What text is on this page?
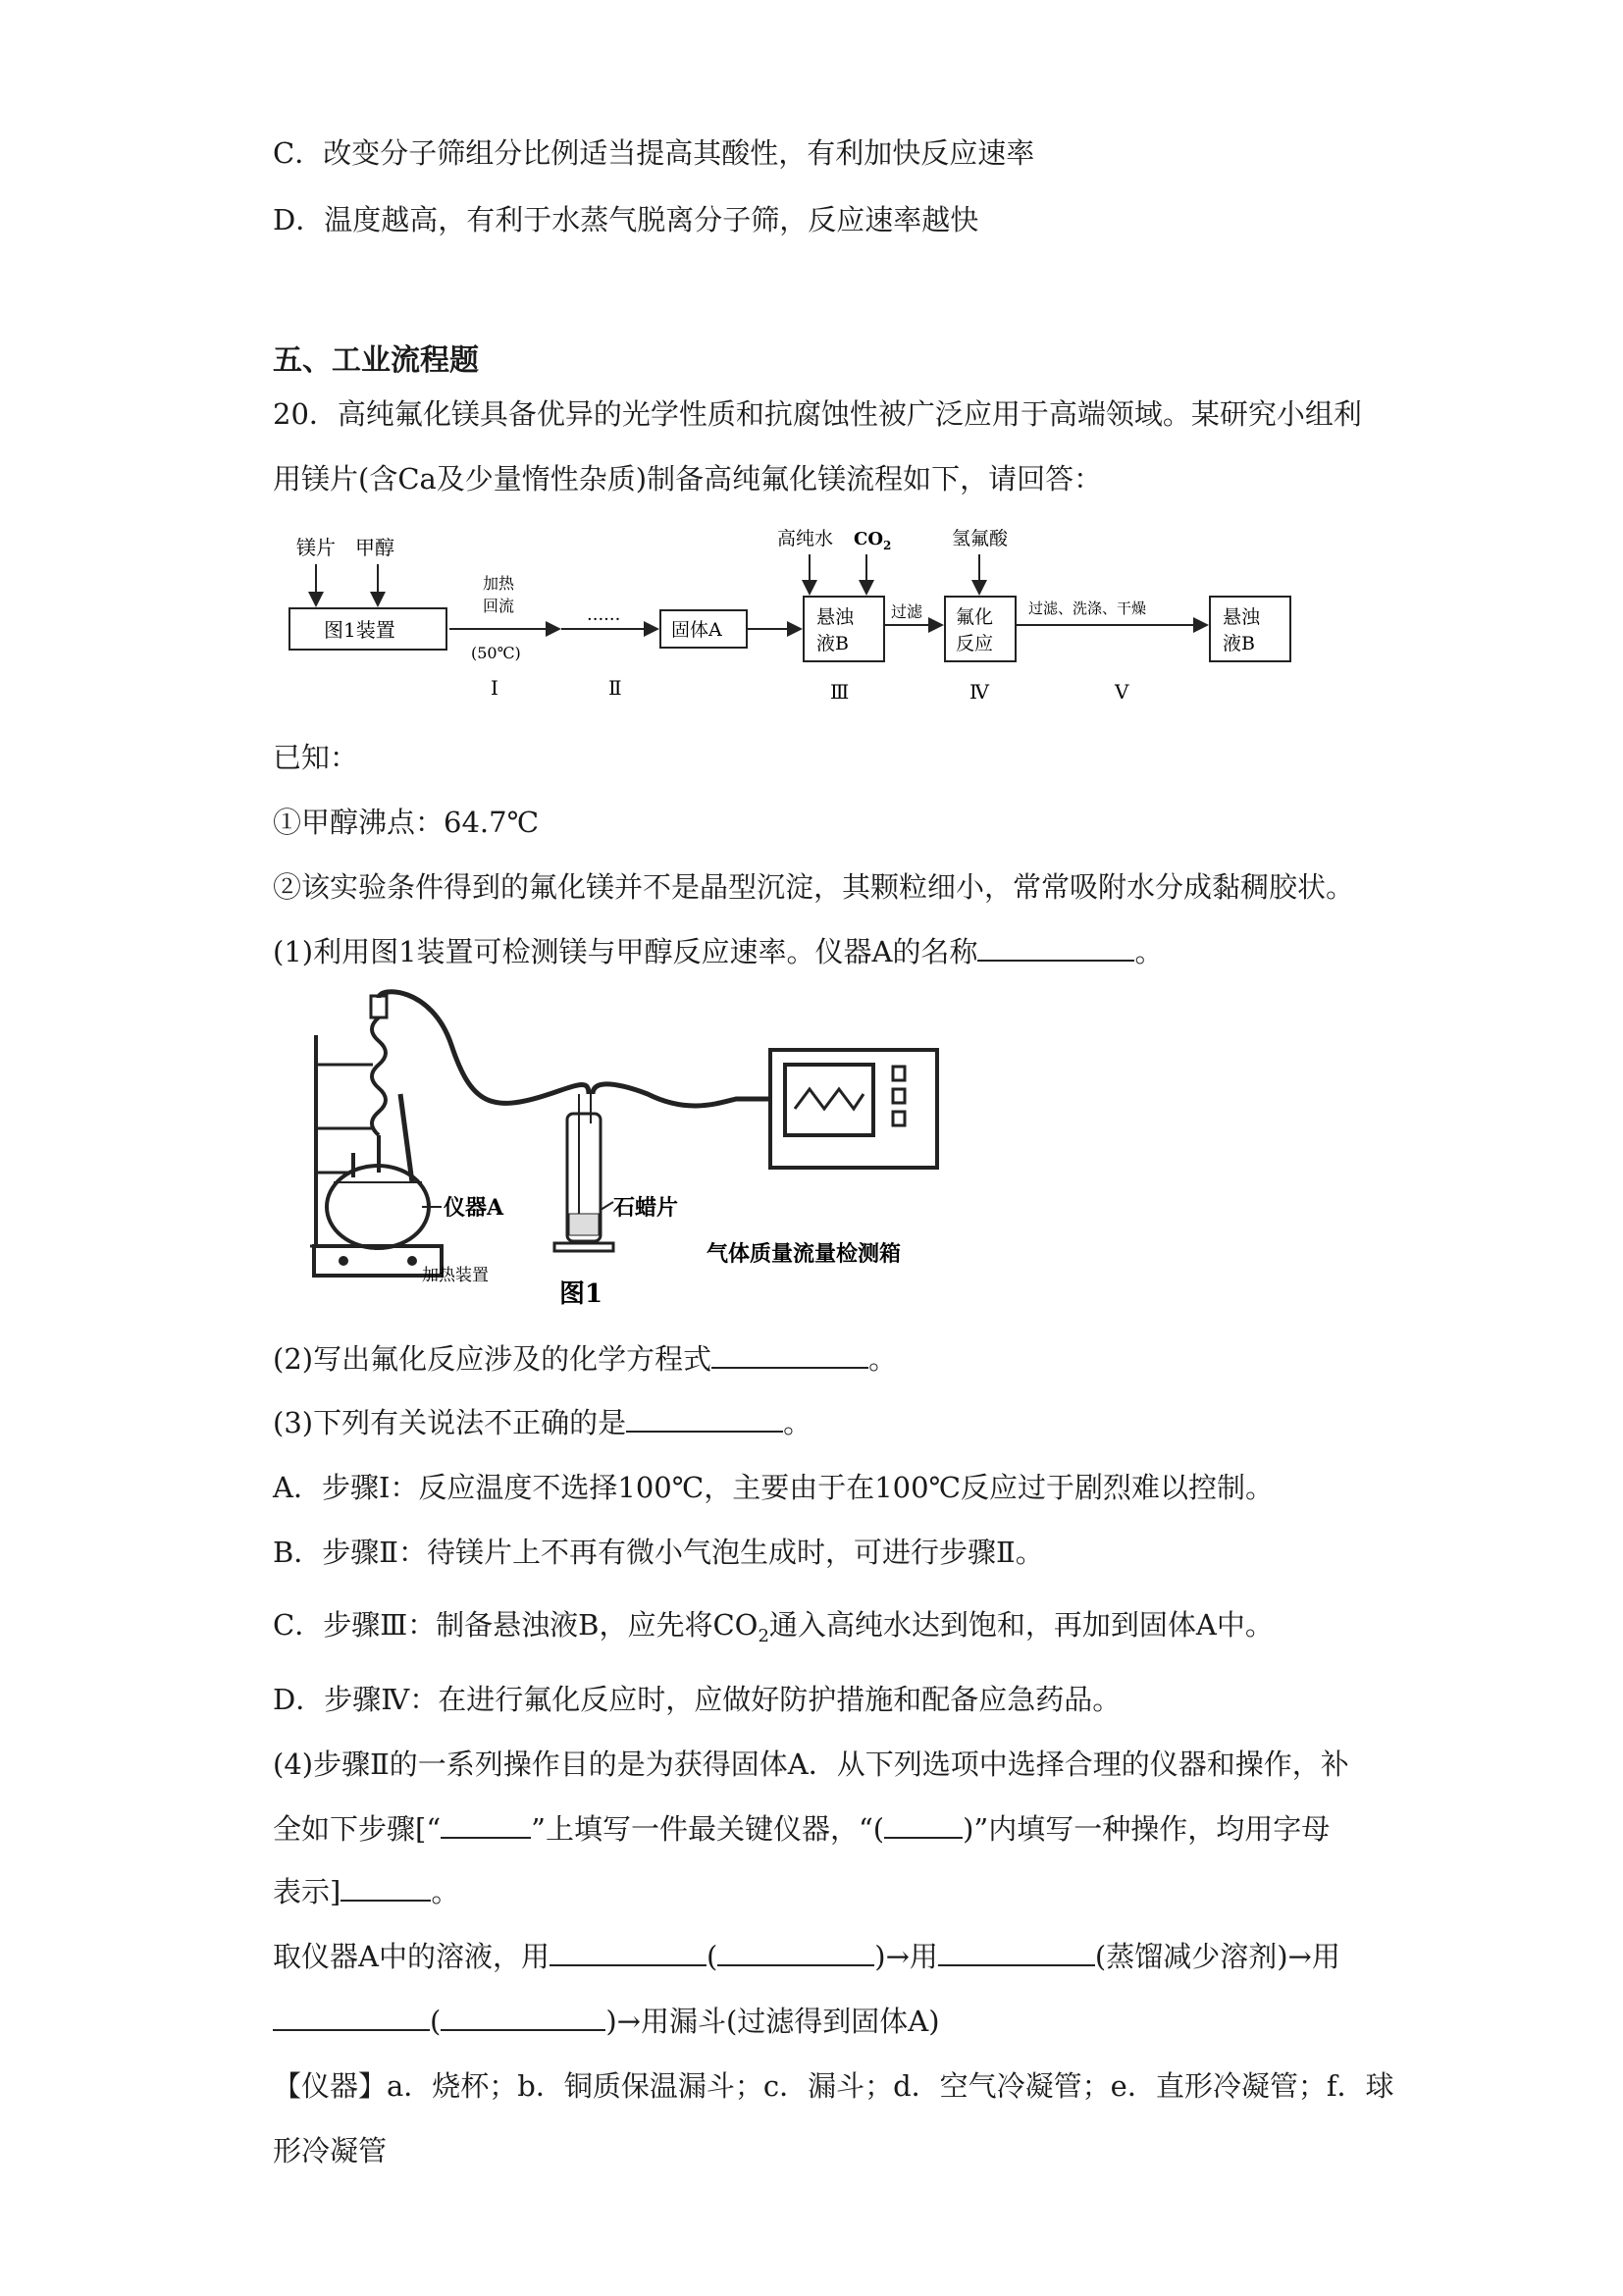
C．改变分子筛组分比例适当提高其酸性，有利加快反应速率
D．温度越高，有利于水蒸气脱离分子筛，反应速率越快
五、工业流程题
20．高纯氟化镁具备优异的光学性质和抗腐蚀性被广泛应用于高端领域。某研究小组利
用镁片(含Ca及少量惰性杂质)制备高纯氟化镁流程如下，请回答：
镁片 甲醇
图1装置
加热
回流
(50℃)
······	固体A
高纯水 $CO_2$
悬浊
液B
过滤
氢氟酸
氟化
反应
过滤、洗涤、干燥	悬浊
液B
Ⅰ	Ⅱ	Ⅲ	Ⅳ	Ⅴ
已知：
①甲醇沸点：64.7℃
②该实验条件得到的氟化镁并不是晶型沉淀，其颗粒细小，常常吸附水分成黏稠胶状。
(1)利用图1装置可检测镁与甲醇反应速率。仪器A的名称	。
仪器A
加热装置
石蜡片
气体质量流量检测箱
图1
(2)写出氟化反应涉及的化学方程式	。
(3)下列有关说法不正确的是	。
A．步骤Ⅰ：反应温度不选择100℃，主要由于在100℃反应过于剧烈难以控制。
B．步骤Ⅱ：待镁片上不再有微小气泡生成时，可进行步骤Ⅱ。
C．步骤Ⅲ：制备悬浊液B，应先将$CO_2$通入高纯水达到饱和，再加到固体A中。
D．步骤Ⅳ：在进行氟化反应时，应做好防护措施和配备应急药品。
(4)步骤Ⅱ的一系列操作目的是为获得固体A．从下列选项中选择合理的仪器和操作，补
全如下步骤[“	”上填写一件最关键仪器，“(	)”内填写一种操作，均用字母
表示]	。
取仪器A中的溶液，用	(	)→用	(蒸馏减少溶剂)→用
(	)→用漏斗(过滤得到固体A)
【仪器】a．烧杯；b．铜质保温漏斗；c．漏斗；d．空气冷凝管；e．直形冷凝管；f．球
形冷凝管
